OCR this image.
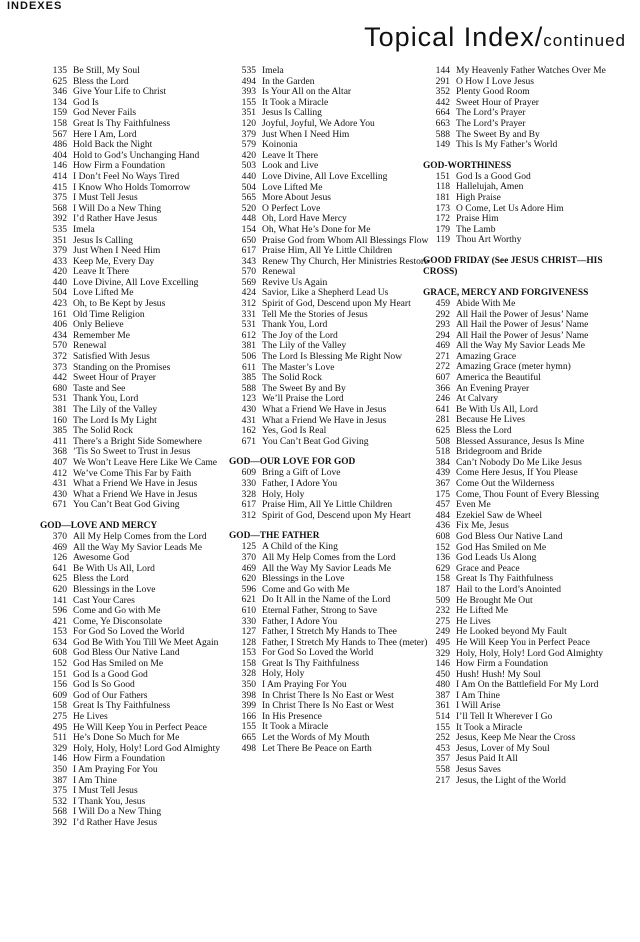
INDEXES
Topical Index/continued
135 Be Still, My Soul
625 Bless the Lord
346 Give Your Life to Christ
134 God Is
159 God Never Fails
158 Great Is Thy Faithfulness
567 Here I Am, Lord
486 Hold Back the Night
404 Hold to God’s Unchanging Hand
146 How Firm a Foundation
414 I Don’t Feel No Ways Tired
415 I Know Who Holds Tomorrow
375 I Must Tell Jesus
568 I Will Do a New Thing
392 I’d Rather Have Jesus
535 Imela
351 Jesus Is Calling
379 Just When I Need Him
433 Keep Me, Every Day
420 Leave It There
440 Love Divine, All Love Excelling
504 Love Lifted Me
423 Oh, to Be Kept by Jesus
161 Old Time Religion
406 Only Believe
434 Remember Me
570 Renewal
372 Satisfied With Jesus
373 Standing on the Promises
442 Sweet Hour of Prayer
680 Taste and See
531 Thank You, Lord
381 The Lily of the Valley
160 The Lord Is My Light
385 The Solid Rock
411 There’s a Bright Side Somewhere
368 ’Tis So Sweet to Trust in Jesus
407 We Won’t Leave Here Like We Came
412 We’ve Come This Far by Faith
431 What a Friend We Have in Jesus
430 What a Friend We Have in Jesus
671 You Can’t Beat God Giving
GOD—LOVE AND MERCY
370 All My Help Comes from the Lord
469 All the Way My Savior Leads Me
126 Awesome God
641 Be With Us All, Lord
625 Bless the Lord
620 Blessings in the Love
141 Cast Your Cares
596 Come and Go with Me
421 Come, Ye Disconsolate
153 For God So Loved the World
634 God Be With You Till We Meet Again
608 God Bless Our Native Land
152 God Has Smiled on Me
151 God Is a Good God
156 God Is So Good
609 God of Our Fathers
158 Great Is Thy Faithfulness
275 He Lives
495 He Will Keep You in Perfect Peace
511 He’s Done So Much for Me
329 Holy, Holy, Holy! Lord God Almighty
146 How Firm a Foundation
350 I Am Praying For You
387 I Am Thine
375 I Must Tell Jesus
532 I Thank You, Jesus
568 I Will Do a New Thing
392 I’d Rather Have Jesus
535 Imela
494 In the Garden
393 Is Your All on the Altar
155 It Took a Miracle
351 Jesus Is Calling
120 Joyful, Joyful, We Adore You
379 Just When I Need Him
579 Koinonia
420 Leave It There
503 Look and Live
440 Love Divine, All Love Excelling
504 Love Lifted Me
565 More About Jesus
520 O Perfect Love
448 Oh, Lord Have Mercy
154 Oh, What He’s Done for Me
650 Praise God from Whom All Blessings Flow
617 Praise Him, All Ye Little Children
343 Renew Thy Church, Her Ministries Restore
570 Renewal
569 Revive Us Again
424 Savior, Like a Shepherd Lead Us
312 Spirit of God, Descend upon My Heart
331 Tell Me the Stories of Jesus
531 Thank You, Lord
612 The Joy of the Lord
381 The Lily of the Valley
506 The Lord Is Blessing Me Right Now
611 The Master’s Love
385 The Solid Rock
588 The Sweet By and By
123 We’ll Praise the Lord
430 What a Friend We Have in Jesus
431 What a Friend We Have in Jesus
162 Yes, God Is Real
671 You Can’t Beat God Giving
GOD—OUR LOVE FOR GOD
609 Bring a Gift of Love
330 Father, I Adore You
328 Holy, Holy
617 Praise Him, All Ye Little Children
312 Spirit of God, Descend upon My Heart
GOD—THE FATHER
125 A Child of the King
370 All My Help Comes from the Lord
469 All the Way My Savior Leads Me
620 Blessings in the Love
596 Come and Go with Me
621 Do It All in the Name of the Lord
610 Eternal Father, Strong to Save
330 Father, I Adore You
127 Father, I Stretch My Hands to Thee
128 Father, I Stretch My Hands to Thee (meter)
153 For God So Loved the World
158 Great Is Thy Faithfulness
328 Holy, Holy
350 I Am Praying For You
398 In Christ There Is No East or West
399 In Christ There Is No East or West
166 In His Presence
155 It Took a Miracle
665 Let the Words of My Mouth
498 Let There Be Peace on Earth
144 My Heavenly Father Watches Over Me
291 O How I Love Jesus
352 Plenty Good Room
442 Sweet Hour of Prayer
664 The Lord’s Prayer
663 The Lord’s Prayer
588 The Sweet By and By
149 This Is My Father’s World
GOD-WORTHINESS
151 God Is a Good God
118 Hallelujah, Amen
181 High Praise
173 O Come, Let Us Adore Him
172 Praise Him
179 The Lamb
119 Thou Art Worthy
GOOD FRIDAY (See JESUS CHRIST—HIS CROSS)
GRACE, MERCY AND FORGIVENESS
459 Abide With Me
292 All Hail the Power of Jesus’ Name
293 All Hail the Power of Jesus’ Name
294 All Hail the Power of Jesus’ Name
469 All the Way My Savior Leads Me
271 Amazing Grace
272 Amazing Grace (meter hymn)
607 America the Beautiful
366 An Evening Prayer
246 At Calvary
641 Be With Us All, Lord
281 Because He Lives
625 Bless the Lord
508 Blessed Assurance, Jesus Is Mine
518 Bridegroom and Bride
384 Can’t Nobody Do Me Like Jesus
439 Come Here Jesus, If You Please
367 Come Out the Wilderness
175 Come, Thou Fount of Every Blessing
457 Even Me
484 Ezekiel Saw de Wheel
436 Fix Me, Jesus
608 God Bless Our Native Land
152 God Has Smiled on Me
136 God Leads Us Along
629 Grace and Peace
158 Great Is Thy Faithfulness
187 Hail to the Lord’s Anointed
509 He Brought Me Out
232 He Lifted Me
275 He Lives
249 He Looked beyond My Fault
495 He Will Keep You in Perfect Peace
329 Holy, Holy, Holy! Lord God Almighty
146 How Firm a Foundation
450 Hush! Hush! My Soul
480 I Am On the Battlefield For My Lord
387 I Am Thine
361 I Will Arise
514 I’ll Tell It Wherever I Go
155 It Took a Miracle
252 Jesus, Keep Me Near the Cross
453 Jesus, Lover of My Soul
357 Jesus Paid It All
558 Jesus Saves
217 Jesus, the Light of the World
